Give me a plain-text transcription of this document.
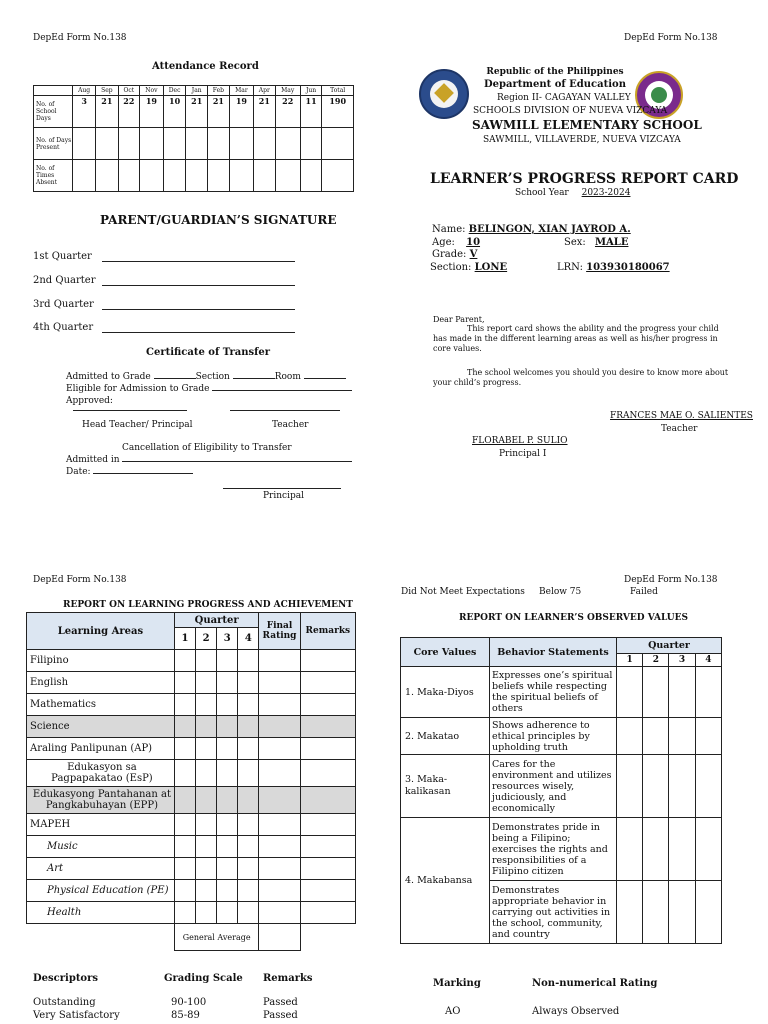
DepEd Form No.138
Attendance Record
	Aug	Sep	Oct	Nov	Dec	Jan	Feb	Mar	Apr	May	Jun	Total
No. of School Days	3	21	22	19	10	21	21	19	21	22	11	190
No. of Days Present												
No. of Times Absent												
PARENT/GUARDIAN’S SIGNATURE
1st Quarter
2nd Quarter
3rd Quarter
4th Quarter
Certificate of Transfer
Admitted to Grade	Section	Room
Eligible for Admission to Grade
Approved:
Head Teacher/ Principal	Teacher
Cancellation of Eligibility to Transfer
Admitted in
Date:
Principal
DepEd Form No.138
Republic of the Philippines
Department of Education
Region II- CAGAYAN VALLEY
SCHOOLS DIVISION OF NUEVA VIZCAYA
SAWMILL ELEMENTARY SCHOOL
SAWMILL, VILLAVERDE, NUEVA VIZCAYA
LEARNER’S PROGRESS REPORT CARD
School Year 2023-2024
Name: BELINGON, XIAN JAYROD A.
Age: 10	Sex: MALE
Grade: V
Section: LONE	LRN: 103930180067
Dear Parent,
This report card shows the ability and the progress your child has made in the different learning areas as well as his/her progress in core values.
The school welcomes you should you desire to know more about your child’s progress.
FRANCES MAE O. SALIENTES
Teacher
FLORABEL P. SULIO
Principal I
DepEd Form No.138
REPORT ON LEARNING PROGRESS AND ACHIEVEMENT
Learning Areas	Quarter				Final Rating	Remarks
	1	2	3	4		
Filipino						
English						
Mathematics						
Science						
Araling Panlipunan (AP)						
Edukasyon sa Pagpapakatao (EsP)						
Edukasyong Pantahanan at Pangkabuhayan (EPP)						
MAPEH						
Music						
Art						
Physical Education (PE)						
Health						
	General Average					
Descriptors	Grading Scale Remarks
Outstanding	90-100	Passed
Very Satisfactory	85-89	Passed
DepEd Form No.138
Did Not Meet Expectations Below 75	Failed
REPORT ON LEARNER’S OBSERVED VALUES
Core Values	Behavior Statements	Quarter			
		1	2	3	4
1. Maka-Diyos	Expresses one’s spiritual beliefs while respecting the spiritual beliefs of others				
2. Makatao	Shows adherence to ethical principles by upholding truth				
3. Maka-kalikasan	Cares for the environment and utilizes resources wisely, judiciously, and economically				
4. Makabansa	Demonstrates pride in being a Filipino; exercises the rights and responsibilities of a Filipino citizen				
	Demonstrates appropriate behavior in carrying out activities in the school, community, and country				
Marking	Non-numerical Rating
AO	Always Observed
